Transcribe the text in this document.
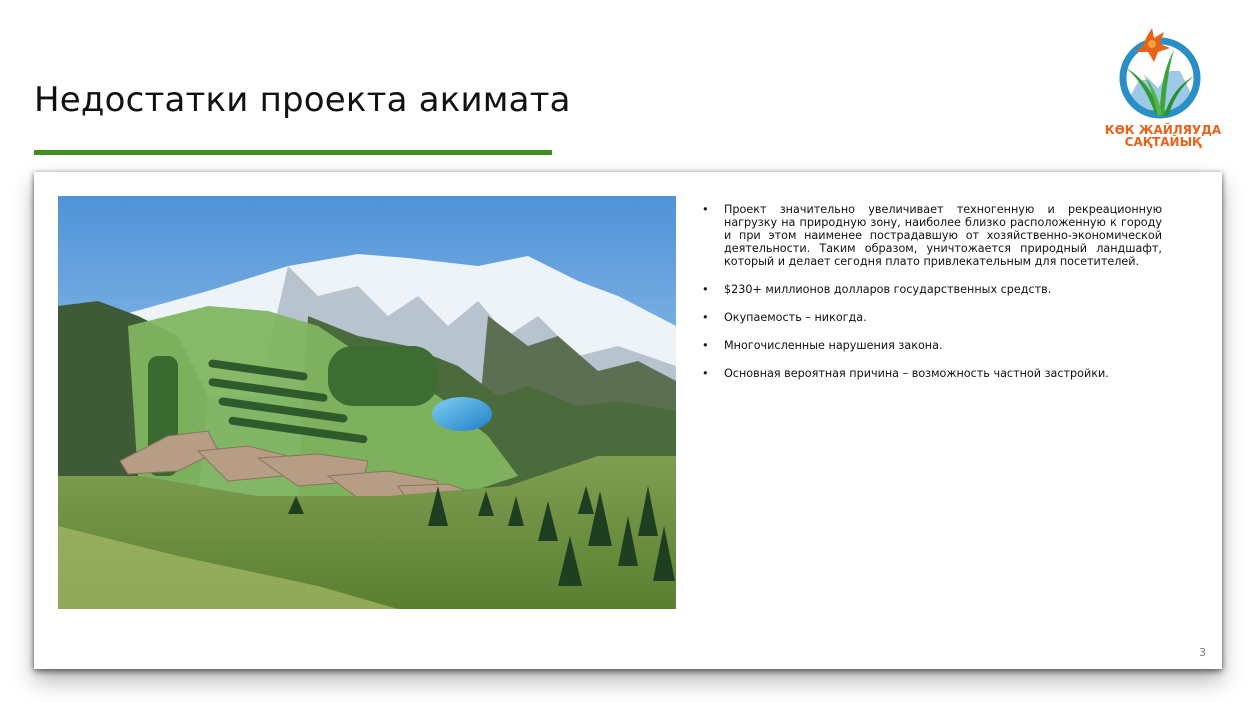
Недостатки проекта акимата
КӨК ЖАЙЛЯУДА
САҚТАЙЫҚ
• Проект значительно увеличивает техногенную и рекреационную нагрузку на природную зону, наиболее близко расположенную к городу и при этом наименее пострадавшую от хозяйственно-экономической деятельности. Таким образом, уничтожается природный ландшафт, который и делает сегодня плато привлекательным для посетителей.
• $230+ миллионов долларов государственных средств.
• Окупаемость – никогда.
• Многочисленные нарушения закона.
• Основная вероятная причина – возможность частной застройки.
3
